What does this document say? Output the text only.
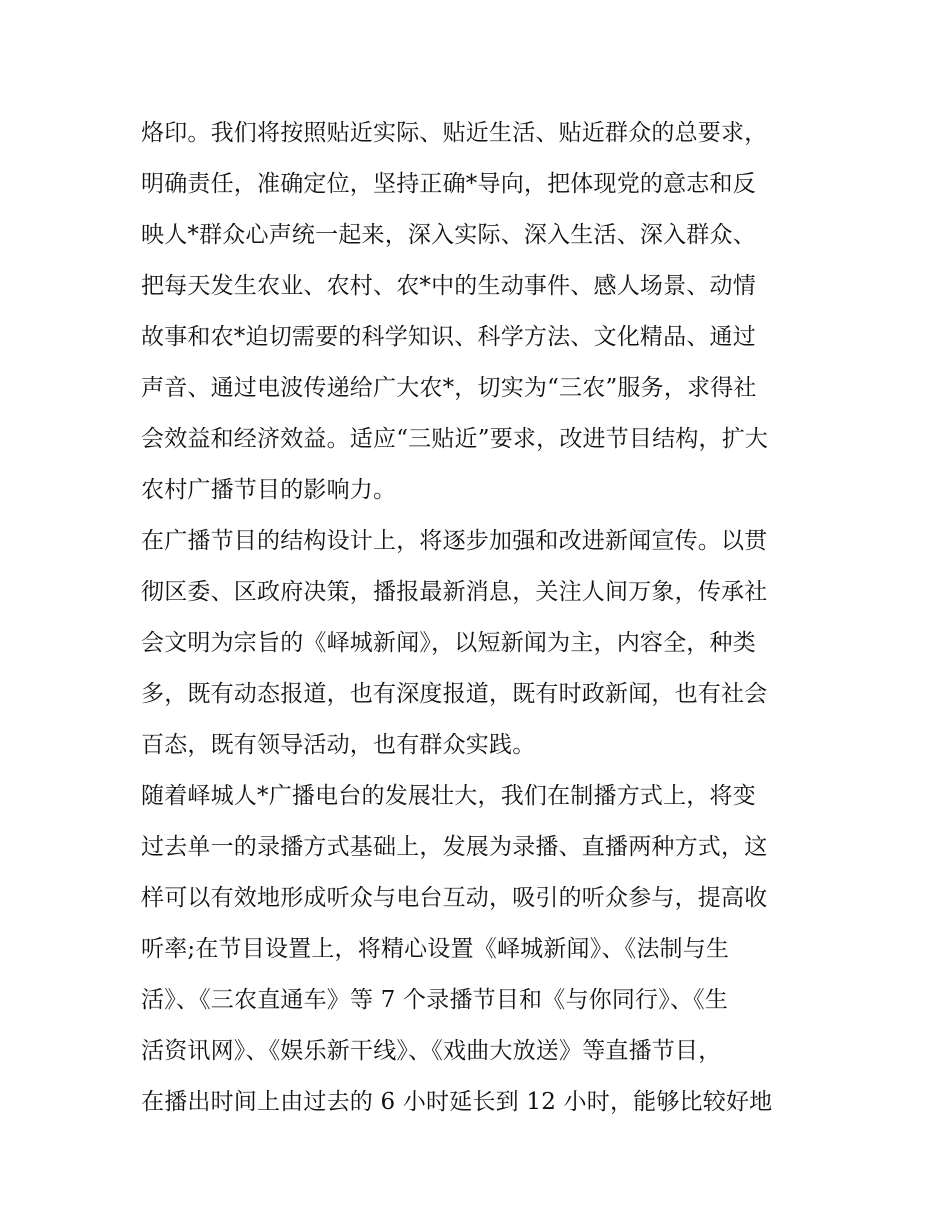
烙印。我们将按照贴近实际、贴近生活、贴近群众的总要求，
明确责任，准确定位，坚持正确*导向，把体现党的意志和反
映人*群众心声统一起来，深入实际、深入生活、深入群众、
把每天发生农业、农村、农*中的生动事件、感人场景、动情
故事和农*迫切需要的科学知识、科学方法、文化精品、通过
声音、通过电波传递给广大农*，切实为“三农”服务，求得社
会效益和经济效益。适应“三贴近”要求，改进节目结构，扩大
农村广播节目的影响力。
在广播节目的结构设计上，将逐步加强和改进新闻宣传。以贯
彻区委、区政府决策，播报最新消息，关注人间万象，传承社
会文明为宗旨的《峄城新闻》，以短新闻为主，内容全，种类
多，既有动态报道，也有深度报道，既有时政新闻，也有社会
百态，既有领导活动，也有群众实践。
随着峄城人*广播电台的发展壮大，我们在制播方式上，将变
过去单一的录播方式基础上，发展为录播、直播两种方式，这
样可以有效地形成听众与电台互动，吸引的听众参与，提高收
听率;在节目设置上，将精心设置《峄城新闻》、《法制与生
活》、《三农直通车》等 7 个录播节目和《与你同行》、《生
活资讯网》、《娱乐新干线》、《戏曲大放送》等直播节目，
在播出时间上由过去的 6 小时延长到 12 小时，能够比较好地
